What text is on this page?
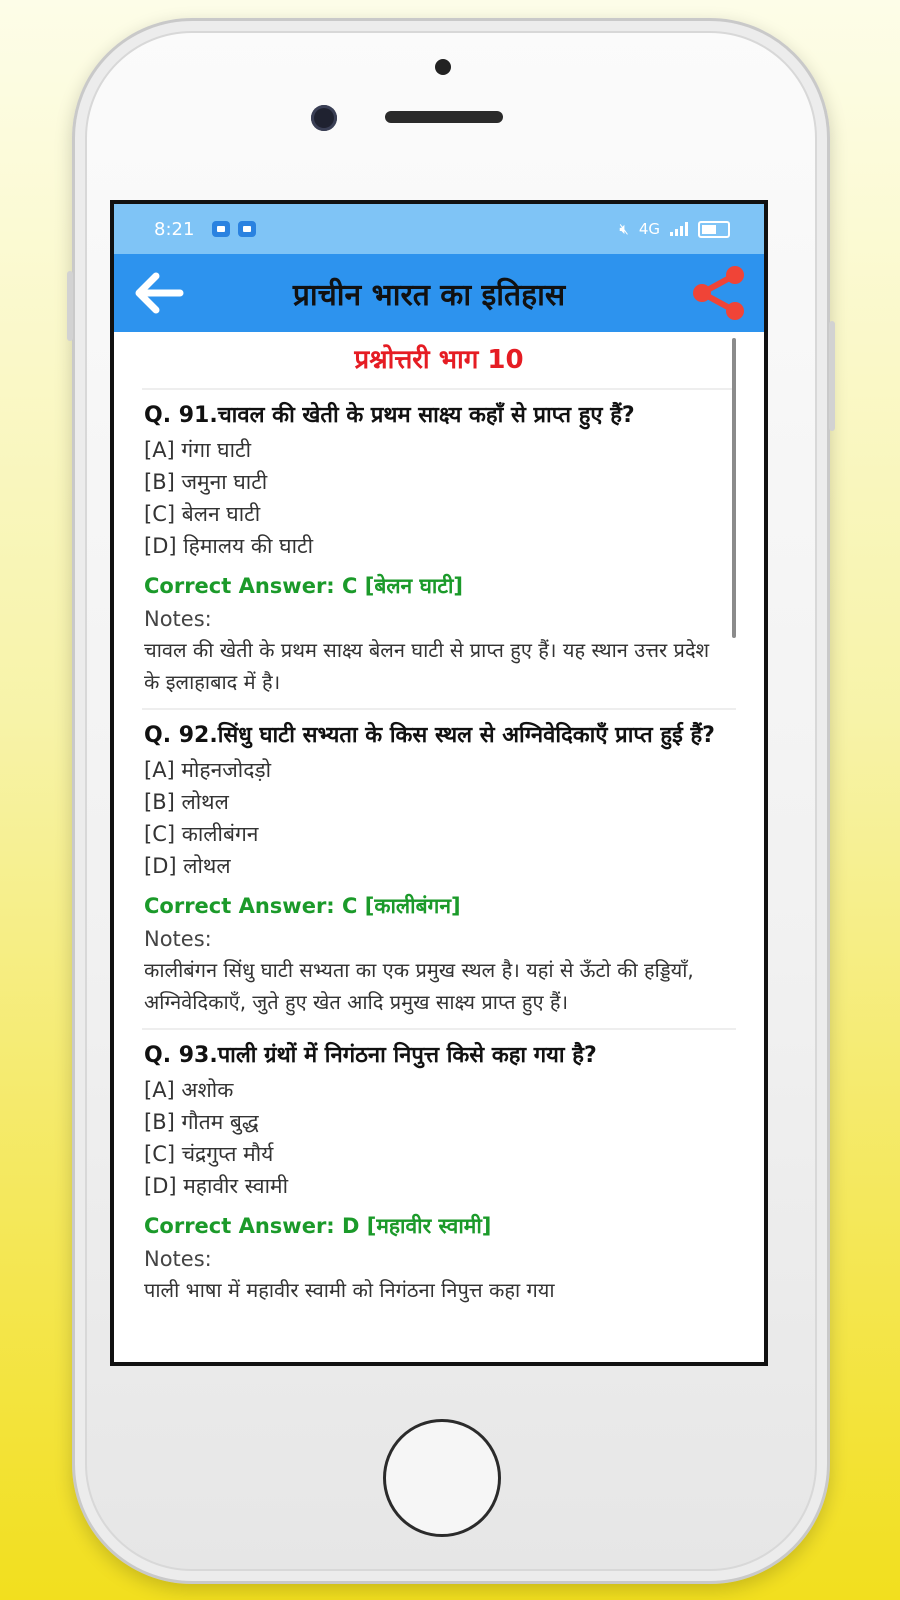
8:21	🔇︎ 4G
प्राचीन भारत का इतिहास
प्रश्नोत्तरी भाग 10
Q. 91.चावल की खेती के प्रथम साक्ष्य कहाँ से प्राप्त हुए हैं?
[A] गंगा घाटी
[B] जमुना घाटी
[C] बेलन घाटी
[D] हिमालय की घाटी
Correct Answer: C [बेलन घाटी]
Notes:
चावल की खेती के प्रथम साक्ष्य बेलन घाटी से प्राप्त हुए हैं। यह स्थान उत्तर प्रदेश के इलाहाबाद में है।
Q. 92.सिंधु घाटी सभ्यता के किस स्थल से अग्निवेदिकाएँ प्राप्त हुई हैं?
[A] मोहनजोदड़ो
[B] लोथल
[C] कालीबंगन
[D] लोथल
Correct Answer: C [कालीबंगन]
Notes:
कालीबंगन सिंधु घाटी सभ्यता का एक प्रमुख स्थल है। यहां से ऊँटो की हड्डियाँ, अग्निवेदिकाएँ, जुते हुए खेत आदि प्रमुख साक्ष्य प्राप्त हुए हैं।
Q. 93.पाली ग्रंथों में निगंठना निपुत्त किसे कहा गया है?
[A] अशोक
[B] गौतम बुद्ध
[C] चंद्रगुप्त मौर्य
[D] महावीर स्वामी
Correct Answer: D [महावीर स्वामी]
Notes:
पाली भाषा में महावीर स्वामी को निगंठना निपुत्त कहा गया
